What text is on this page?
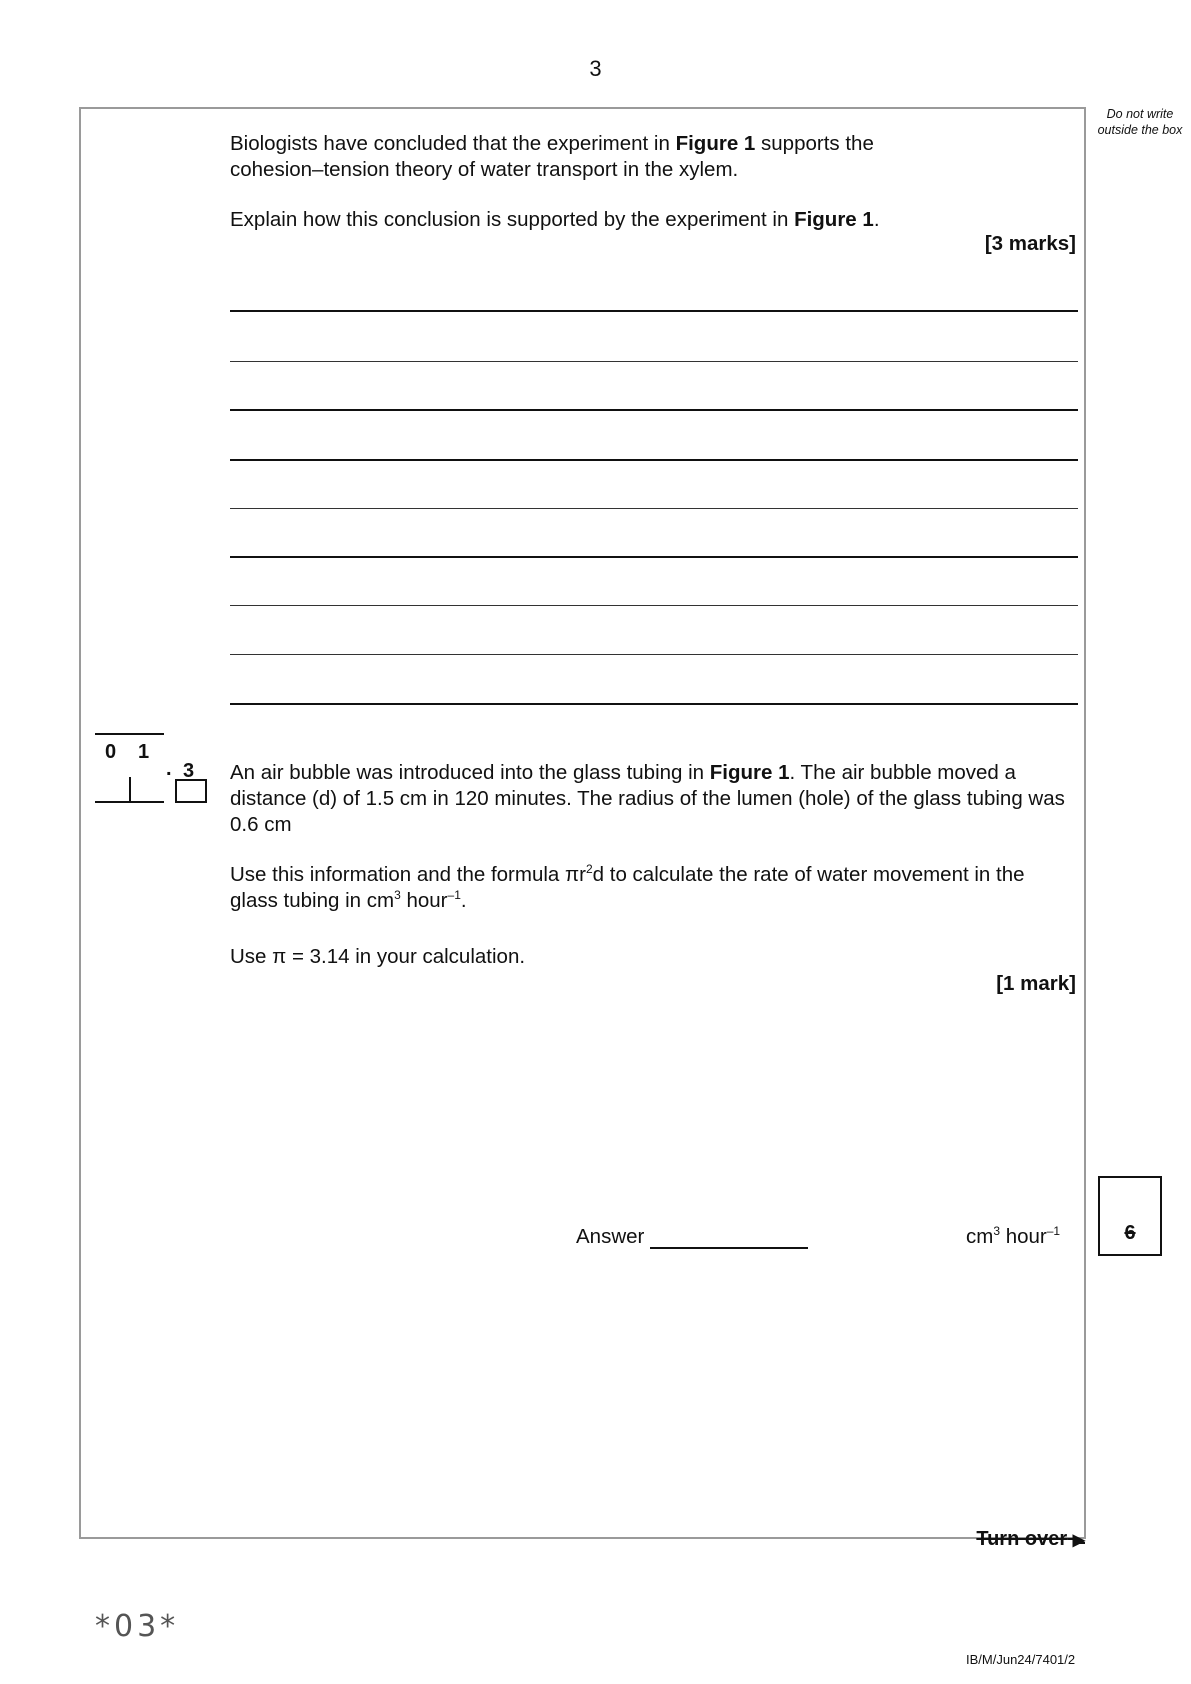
3
Do not write outside the box
Biologists have concluded that the experiment in Figure 1 supports the cohesion–tension theory of water transport in the xylem.
Explain how this conclusion is supported by the experiment in Figure 1.
[3 marks]
0 1
. 3 An air bubble was introduced into the glass tubing in Figure 1. The air bubble moved a distance (d) of 1.5 cm in 120 minutes. The radius of the lumen (hole) of the glass tubing was 0.6 cm
Use this information and the formula $\pi r^2d$ to calculate the rate of water movement in the glass tubing in $cm^3$ hour$^{-1}$.
Use π = 3.14 in your calculation.
[1 mark]
Answer	$cm^3$ hour$^{-1}$	6
Turn over ▶
*03*
IB/M/Jun24/7401/2
